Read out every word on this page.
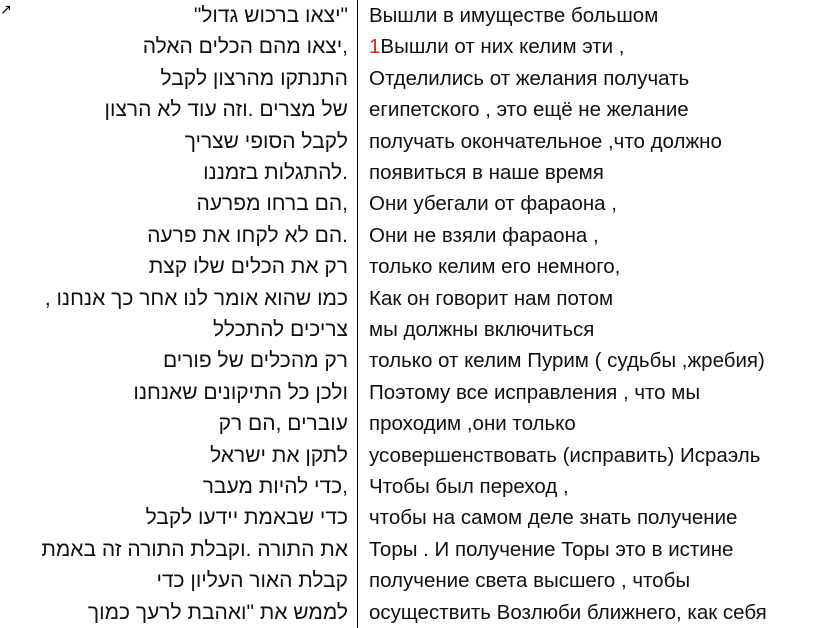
↗	"יצאו ברכוש גדול" Вышли в имуществе большом
,יצאו מהם הכלים האלה 1Вышли от них келим эти ,
התנתקו מהרצון לקבל Отделились от желания получать
של מצרים .וזה עוד לא הרצון египетского , это ещё не желание
לקבל הסופי שצריך получать окончательное ,что должно
.להתגלות בזמננו появиться в наше время
,הם ברחו מפרעה Они убегали от фараона ,
.הם לא לקחו את פרעה Они не взяли фараона ,
רק את הכלים שלו קצת только келим его немного,
כמו שהוא אומר לנו אחר כך אנחנו , Как он говорит нам потом
צריכים להתכלל мы должны включиться
רק מהכלים של פורים только от келим Пурим ( судьбы ,жребия)
ולכן כל התיקונים שאנחנו Поэтому все исправления , что мы
עוברים ,הם רק проходим ,они только
לתקן את ישראל усовершенствовать (исправить) Исраэль
,כדי להיות מעבר Чтобы был переход ,
כדי שבאמת יידעו לקבל чтобы на самом деле знать получение
את התורה .וקבלת התורה זה באמת Торы . И получение Торы это в истине
קבלת האור העליון כדי получение света высшего , чтобы
לממש את "ואהבת לרעך כמוך осуществить Возлюби ближнего, как себя
